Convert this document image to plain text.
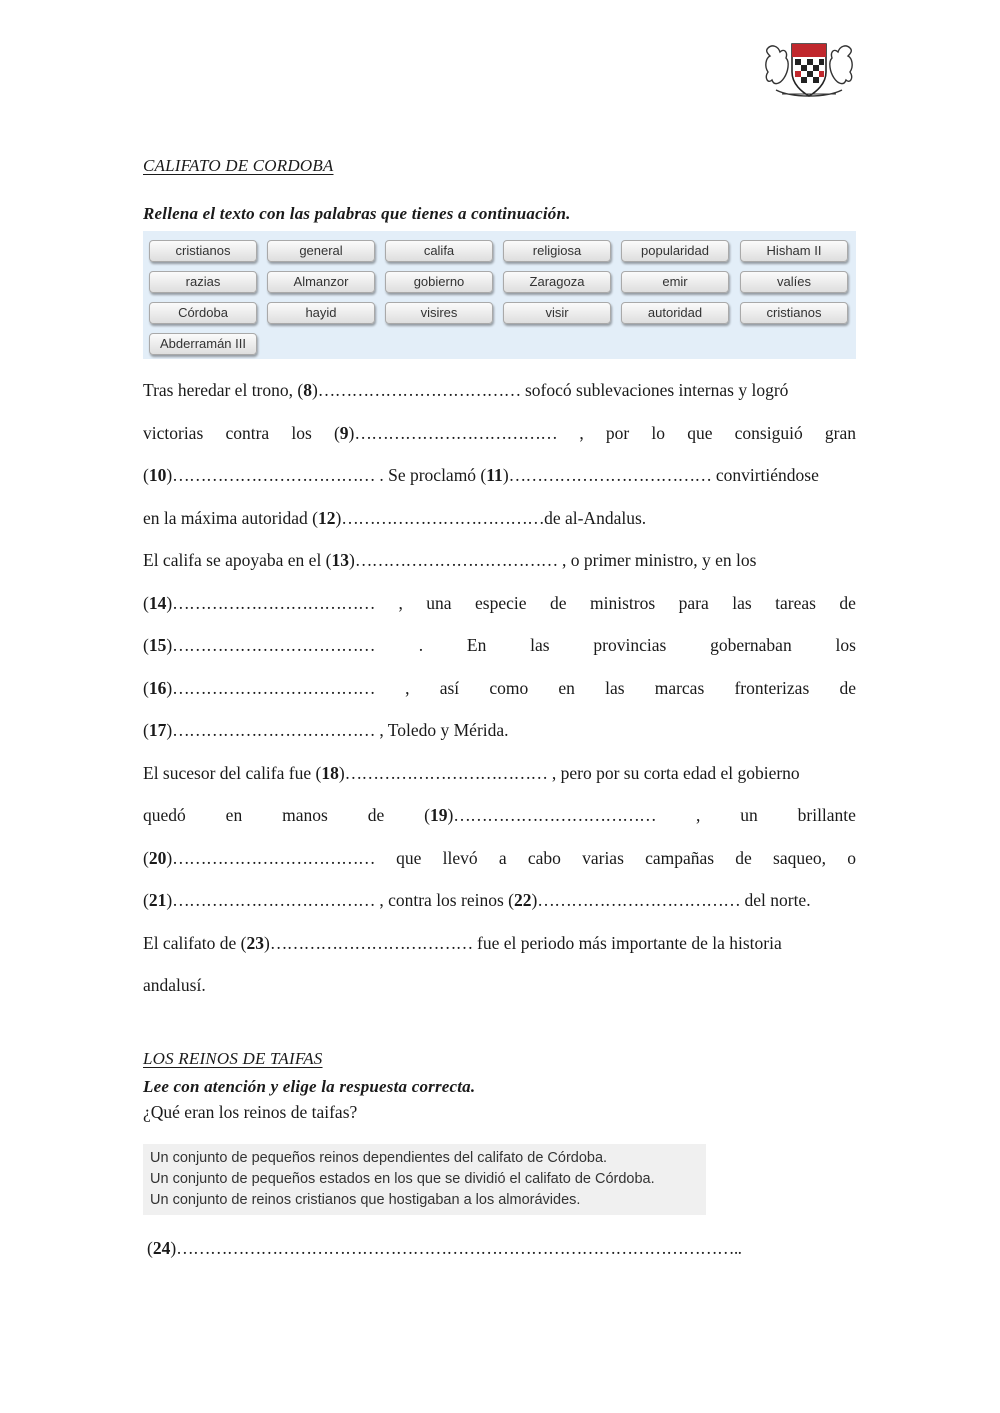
CALIFATO DE CORDOBA
Rellena el texto con las palabras que tienes a continuación.
cristianos	general	califa	religiosa	popularidad	Hisham II
razias	Almanzor	gobierno	Zaragoza	emir	valíes
Córdoba	hayid	visires	visir	autoridad	cristianos
Abderramán III
Tras heredar el trono, (8)……………………………… sofocó sublevaciones internas y logró
victorias contra los (9)……………………………… , por lo que consiguió gran
(10)……………………………… . Se proclamó (11)……………………………… convirtiéndose
en la máxima autoridad (12)………………………………de al-Andalus.
El califa se apoyaba en el (13)……………………………… , o primer ministro, y en los
(14)……………………………… , una especie de ministros para las tareas de
(15)………………………………	.	En	las	provincias	gobernaban	los
(16)……………………………… , así como en las marcas fronterizas de
(17)……………………………… , Toledo y Mérida.
El sucesor del califa fue (18)……………………………… , pero por su corta edad el gobierno
quedó en manos de (19)……………………………… , un brillante
(20)……………………………… que llevó a cabo varias campañas de saqueo, o
(21)……………………………… , contra los reinos (22)……………………………… del norte.
El califato de (23)……………………………… fue el periodo más importante de la historia
andalusí.
LOS REINOS DE TAIFAS
Lee con atención y elige la respuesta correcta.
¿Qué eran los reinos de taifas?
Un conjunto de pequeños reinos dependientes del califato de Córdoba.
Un conjunto de pequeños estados en los que se dividió el califato de Córdoba.
Un conjunto de reinos cristianos que hostigaban a los almorávides.
(24)………………………………………………………………………………………..
